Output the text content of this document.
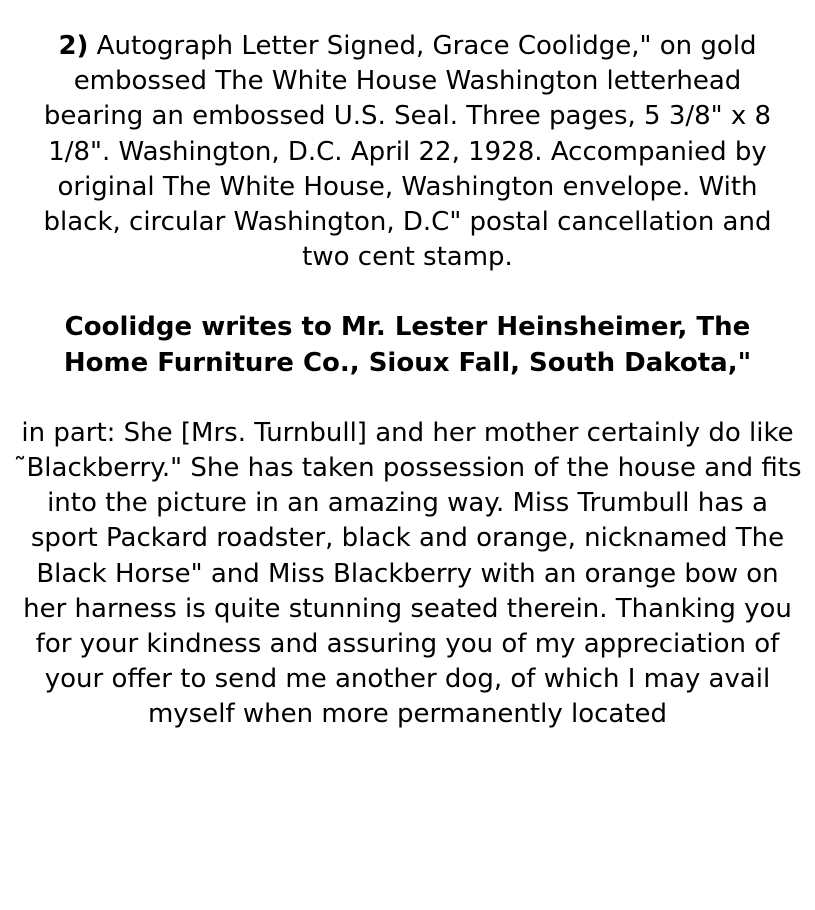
2) Autograph Letter Signed, Grace Coolidge," on gold embossed The White House Washington letterhead bearing an embossed U.S. Seal. Three pages, 5 3/8" x 8 1/8". Washington, D.C. April 22, 1928. Accompanied by original The White House, Washington envelope. With black, circular Washington, D.C" postal cancellation and two cent stamp.

Coolidge writes to Mr. Lester Heinsheimer, The Home Furniture Co., Sioux Fall, South Dakota,"

in part: She [Mrs. Turnbull] and her mother certainly do like ˜Blackberry." She has taken possession of the house and fits into the picture in an amazing way. Miss Trumbull has a sport Packard roadster, black and orange, nicknamed The Black Horse" and Miss Blackberry with an orange bow on her harness is quite stunning seated therein. Thanking you for your kindness and assuring you of my appreciation of your offer to send me another dog, of which I may avail myself when more permanently located
